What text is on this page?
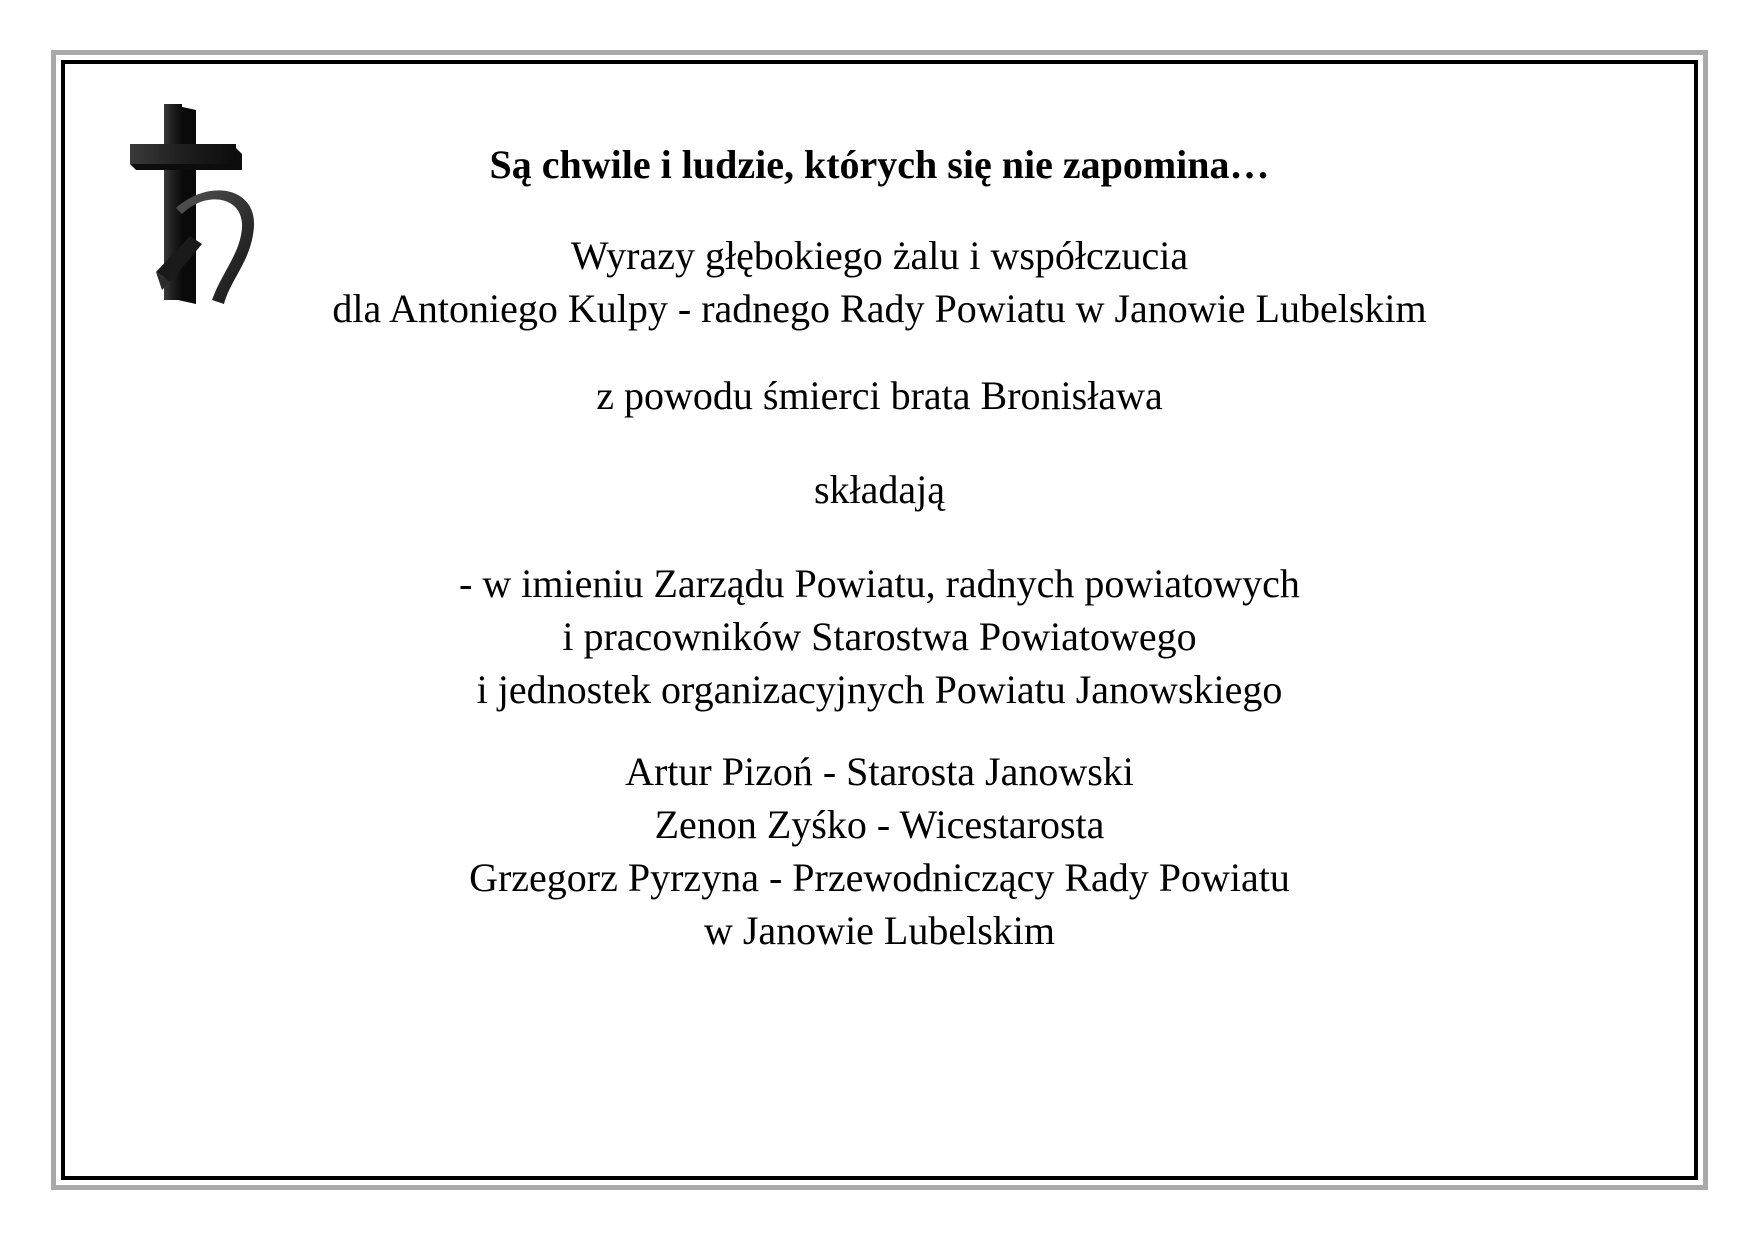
Są chwile i ludzie, których się nie zapomina…
Wyrazy głębokiego żalu i współczucia
dla Antoniego Kulpy - radnego Rady Powiatu w Janowie Lubelskim
z powodu śmierci brata Bronisława
składają
- w imieniu Zarządu Powiatu, radnych powiatowych
i pracowników Starostwa Powiatowego
i jednostek organizacyjnych Powiatu Janowskiego
Artur Pizoń - Starosta Janowski
Zenon Zyśko - Wicestarosta
Grzegorz Pyrzyna - Przewodniczący Rady Powiatu
w Janowie Lubelskim
